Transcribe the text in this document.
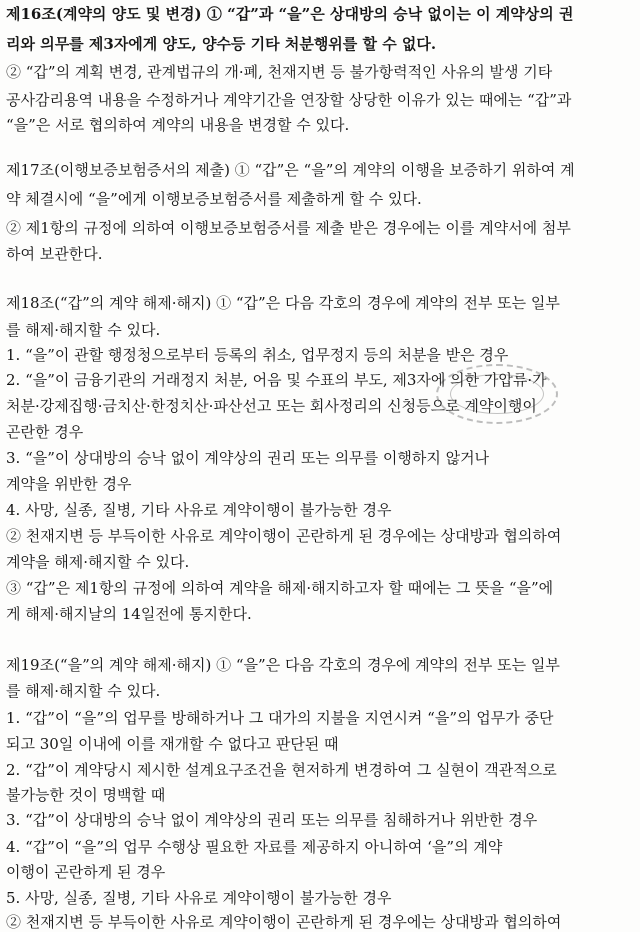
제16조(계약의 양도 및 변경) ① “갑”과 “을”은 상대방의 승낙 없이는 이 계약상의 권
리와 의무를 제3자에게 양도, 양수등 기타 처분행위를 할 수 없다.
② “갑”의 계획 변경, 관계법규의 개·폐, 천재지변 등 불가항력적인 사유의 발생 기타
공사감리용역 내용을 수정하거나 계약기간을 연장할 상당한 이유가 있는 때에는 “갑”과
“을”은 서로 협의하여 계약의 내용을 변경할 수 있다.
제17조(이행보증보험증서의 제출) ① “갑”은 “을”의 계약의 이행을 보증하기 위하여 계
약 체결시에 “을”에게 이행보증보험증서를 제출하게 할 수 있다.
② 제1항의 규정에 의하여 이행보증보험증서를 제출 받은 경우에는 이를 계약서에 첨부
하여 보관한다.
제18조(“갑”의 계약 해제·해지) ① “갑”은 다음 각호의 경우에 계약의 전부 또는 일부
를 해제·해지할 수 있다.
1. “을”이 관할 행정청으로부터 등록의 취소, 업무정지 등의 처분을 받은 경우
2. “을”이 금융기관의 거래정지 처분, 어음 및 수표의 부도, 제3자에 의한 가압류·가
처분·강제집행·금치산·한정치산·파산선고 또는 회사정리의 신청등으로 계약이행이
곤란한 경우
3. “을”이 상대방의 승낙 없이 계약상의 권리 또는 의무를 이행하지 않거나
계약을 위반한 경우
4. 사망, 실종, 질병, 기타 사유로 계약이행이 불가능한 경우
② 천재지변 등 부득이한 사유로 계약이행이 곤란하게 된 경우에는 상대방과 협의하여
계약을 해제·해지할 수 있다.
③ “갑”은 제1항의 규정에 의하여 계약을 해제·해지하고자 할 때에는 그 뜻을 “을”에
게 해제·해지날의 14일전에 통지한다.
제19조(“을”의 계약 해제·해지) ① “을”은 다음 각호의 경우에 계약의 전부 또는 일부
를 해제·해지할 수 있다.
1. “갑”이 “을”의 업무를 방해하거나 그 대가의 지불을 지연시켜 “을”의 업무가 중단
되고 30일 이내에 이를 재개할 수 없다고 판단된 때
2. “갑”이 계약당시 제시한 설계요구조건을 현저하게 변경하여 그 실현이 객관적으로
불가능한 것이 명백할 때
3. “갑”이 상대방의 승낙 없이 계약상의 권리 또는 의무를 침해하거나 위반한 경우
4. “갑”이 “을”의 업무 수행상 필요한 자료를 제공하지 아니하여 ‘을”의 계약
이행이 곤란하게 된 경우
5. 사망, 실종, 질병, 기타 사유로 계약이행이 불가능한 경우
② 천재지변 등 부득이한 사유로 계약이행이 곤란하게 된 경우에는 상대방과 협의하여
